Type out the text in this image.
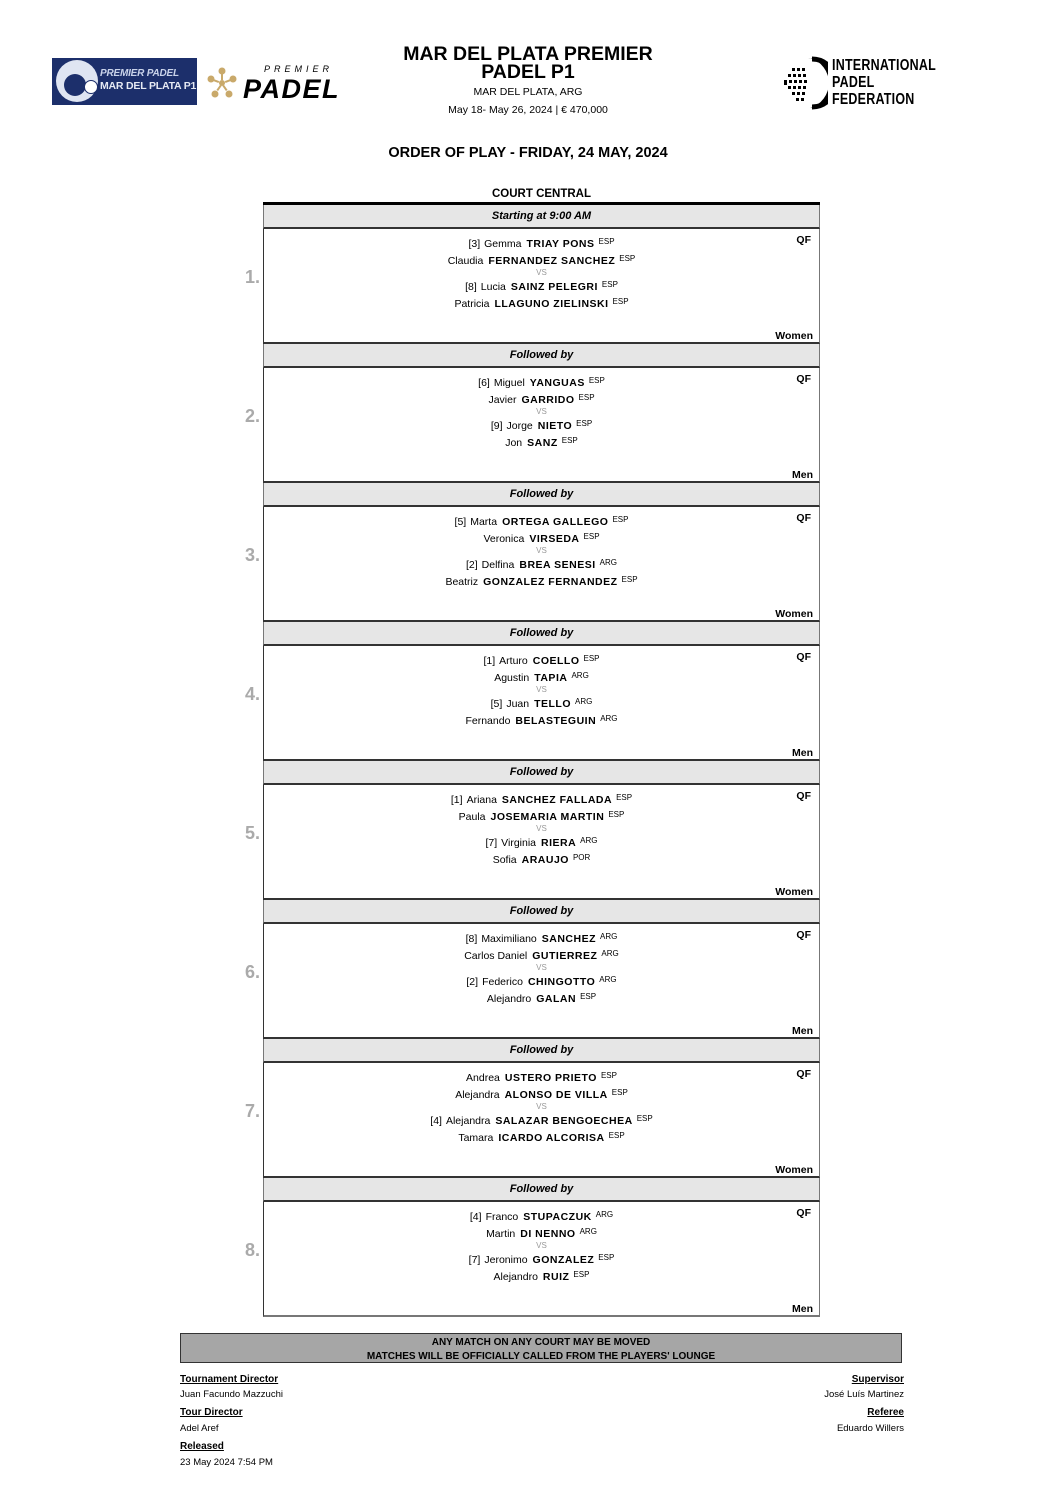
PREMIER PADEL
MAR DEL PLATA P1
PREMIER
PADEL
INTERNATIONAL
PADEL
FEDERATION
MAR DEL PLATA PREMIER
PADEL P1
MAR DEL PLATA, ARG
May 18- May 26, 2024 | € 470,000
ORDER OF PLAY - FRIDAY, 24 MAY, 2024
COURT CENTRAL
Starting at 9:00 AM
1.
QF
[3] Gemma TRIAY PONS $^{ESP}$
Claudia FERNANDEZ SANCHEZ $^{ESP}$
VS
[8] Lucia SAINZ PELEGRI $^{ESP}$
Patricia LLAGUNO ZIELINSKI $^{ESP}$
Women
Followed by
2.
QF
[6] Miguel YANGUAS $^{ESP}$
Javier GARRIDO $^{ESP}$
VS
[9] Jorge NIETO $^{ESP}$
Jon SANZ $^{ESP}$
Men
Followed by
3.
QF
[5] Marta ORTEGA GALLEGO $^{ESP}$
Veronica VIRSEDA $^{ESP}$
VS
[2] Delfina BREA SENESI $^{ARG}$
Beatriz GONZALEZ FERNANDEZ $^{ESP}$
Women
Followed by
4.
QF
[1] Arturo COELLO $^{ESP}$
Agustin TAPIA $^{ARG}$
VS
[5] Juan TELLO $^{ARG}$
Fernando BELASTEGUIN $^{ARG}$
Men
Followed by
5.
QF
[1] Ariana SANCHEZ FALLADA $^{ESP}$
Paula JOSEMARIA MARTIN $^{ESP}$
VS
[7] Virginia RIERA $^{ARG}$
Sofia ARAUJO $^{POR}$
Women
Followed by
6.
QF
[8] Maximiliano SANCHEZ $^{ARG}$
Carlos Daniel GUTIERREZ $^{ARG}$
VS
[2] Federico CHINGOTTO $^{ARG}$
Alejandro GALAN $^{ESP}$
Men
Followed by
7.
QF
Andrea USTERO PRIETO $^{ESP}$
Alejandra ALONSO DE VILLA $^{ESP}$
VS
[4] Alejandra SALAZAR BENGOECHEA $^{ESP}$
Tamara ICARDO ALCORISA $^{ESP}$
Women
Followed by
8.
QF
[4] Franco STUPACZUK $^{ARG}$
Martin DI NENNO $^{ARG}$
VS
[7] Jeronimo GONZALEZ $^{ESP}$
Alejandro RUIZ $^{ESP}$
Men
ANY MATCH ON ANY COURT MAY BE MOVED
MATCHES WILL BE OFFICIALLY CALLED FROM THE PLAYERS' LOUNGE
Tournament Director
Juan Facundo Mazzuchi
Tour Director
Adel Aref
Released
23 May 2024 7:54 PM
Supervisor
José Luís Martinez
Referee
Eduardo Willers
